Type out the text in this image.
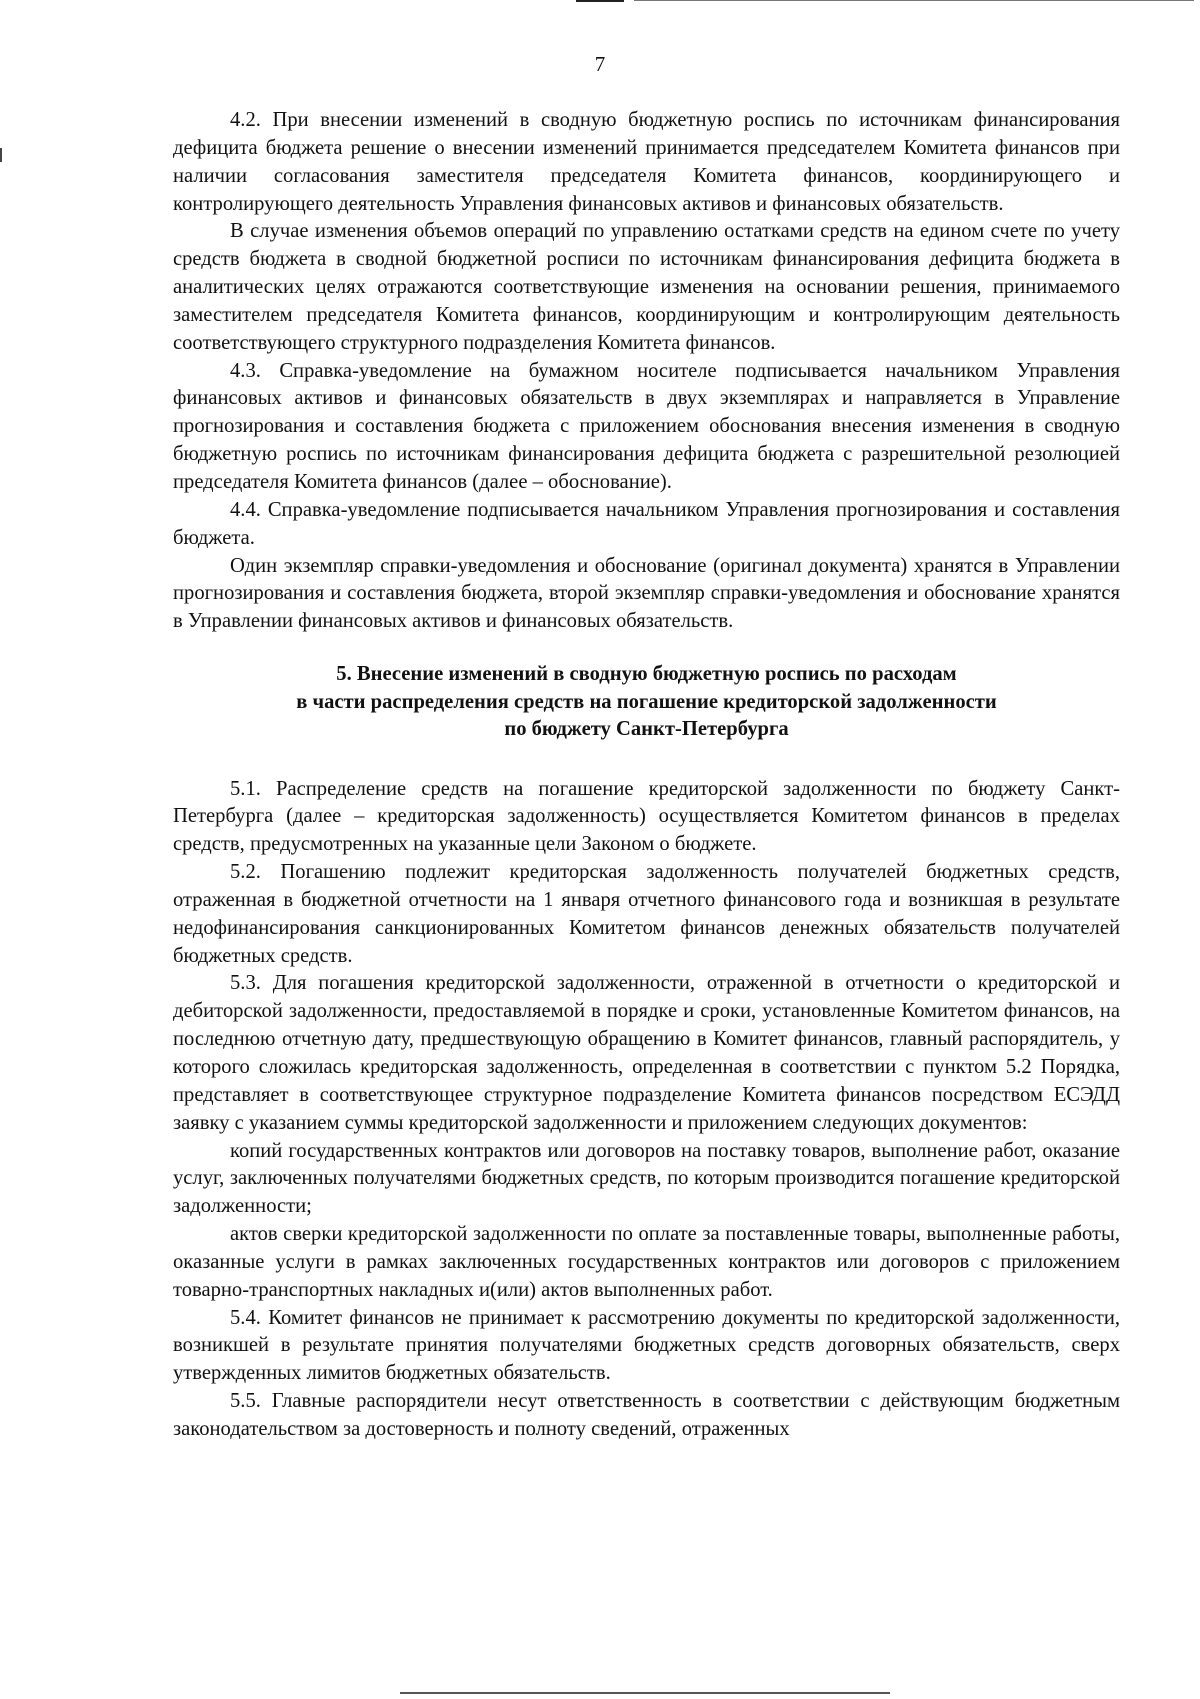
7

4.2. При внесении изменений в сводную бюджетную роспись по источникам финансирования дефицита бюджета решение о внесении изменений принимается председателем Комитета финансов при наличии согласования заместителя председателя Комитета финансов, координирующего и контролирующего деятельность Управления финансовых активов и финансовых обязательств.

В случае изменения объемов операций по управлению остатками средств на едином счете по учету средств бюджета в сводной бюджетной росписи по источникам финансирования дефицита бюджета в аналитических целях отражаются соответствующие изменения на основании решения, принимаемого заместителем председателя Комитета финансов, координирующим и контролирующим деятельность соответствующего структурного подразделения Комитета финансов.

4.3. Справка-уведомление на бумажном носителе подписывается начальником Управления финансовых активов и финансовых обязательств в двух экземплярах и направляется в Управление прогнозирования и составления бюджета с приложением обоснования внесения изменения в сводную бюджетную роспись по источникам финансирования дефицита бюджета с разрешительной резолюцией председателя Комитета финансов (далее – обоснование).

4.4. Справка-уведомление подписывается начальником Управления прогнозирования и составления бюджета.

Один экземпляр справки-уведомления и обоснование (оригинал документа) хранятся в Управлении прогнозирования и составления бюджета, второй экземпляр справки-уведомления и обоснование хранятся в Управлении финансовых активов и финансовых обязательств.

5. Внесение изменений в сводную бюджетную роспись по расходам
в части распределения средств на погашение кредиторской задолженности
по бюджету Санкт-Петербурга

5.1. Распределение средств на погашение кредиторской задолженности по бюджету Санкт-Петербурга (далее – кредиторская задолженность) осуществляется Комитетом финансов в пределах средств, предусмотренных на указанные цели Законом о бюджете.

5.2. Погашению подлежит кредиторская задолженность получателей бюджетных средств, отраженная в бюджетной отчетности на 1 января отчетного финансового года и возникшая в результате недофинансирования санкционированных Комитетом финансов денежных обязательств получателей бюджетных средств.

5.3. Для погашения кредиторской задолженности, отраженной в отчетности о кредиторской и дебиторской задолженности, предоставляемой в порядке и сроки, установленные Комитетом финансов, на последнюю отчетную дату, предшествующую обращению в Комитет финансов, главный распорядитель, у которого сложилась кредиторская задолженность, определенная в соответствии с пунктом 5.2 Порядка, представляет в соответствующее структурное подразделение Комитета финансов посредством ЕСЭДД заявку с указанием суммы кредиторской задолженности и приложением следующих документов:

копий государственных контрактов или договоров на поставку товаров, выполнение работ, оказание услуг, заключенных получателями бюджетных средств, по которым производится погашение кредиторской задолженности;

актов сверки кредиторской задолженности по оплате за поставленные товары, выполненные работы, оказанные услуги в рамках заключенных государственных контрактов или договоров с приложением товарно-транспортных накладных и(или) актов выполненных работ.

5.4. Комитет финансов не принимает к рассмотрению документы по кредиторской задолженности, возникшей в результате принятия получателями бюджетных средств договорных обязательств, сверх утвержденных лимитов бюджетных обязательств.

5.5. Главные распорядители несут ответственность в соответствии с действующим бюджетным законодательством за достоверность и полноту сведений, отраженных
